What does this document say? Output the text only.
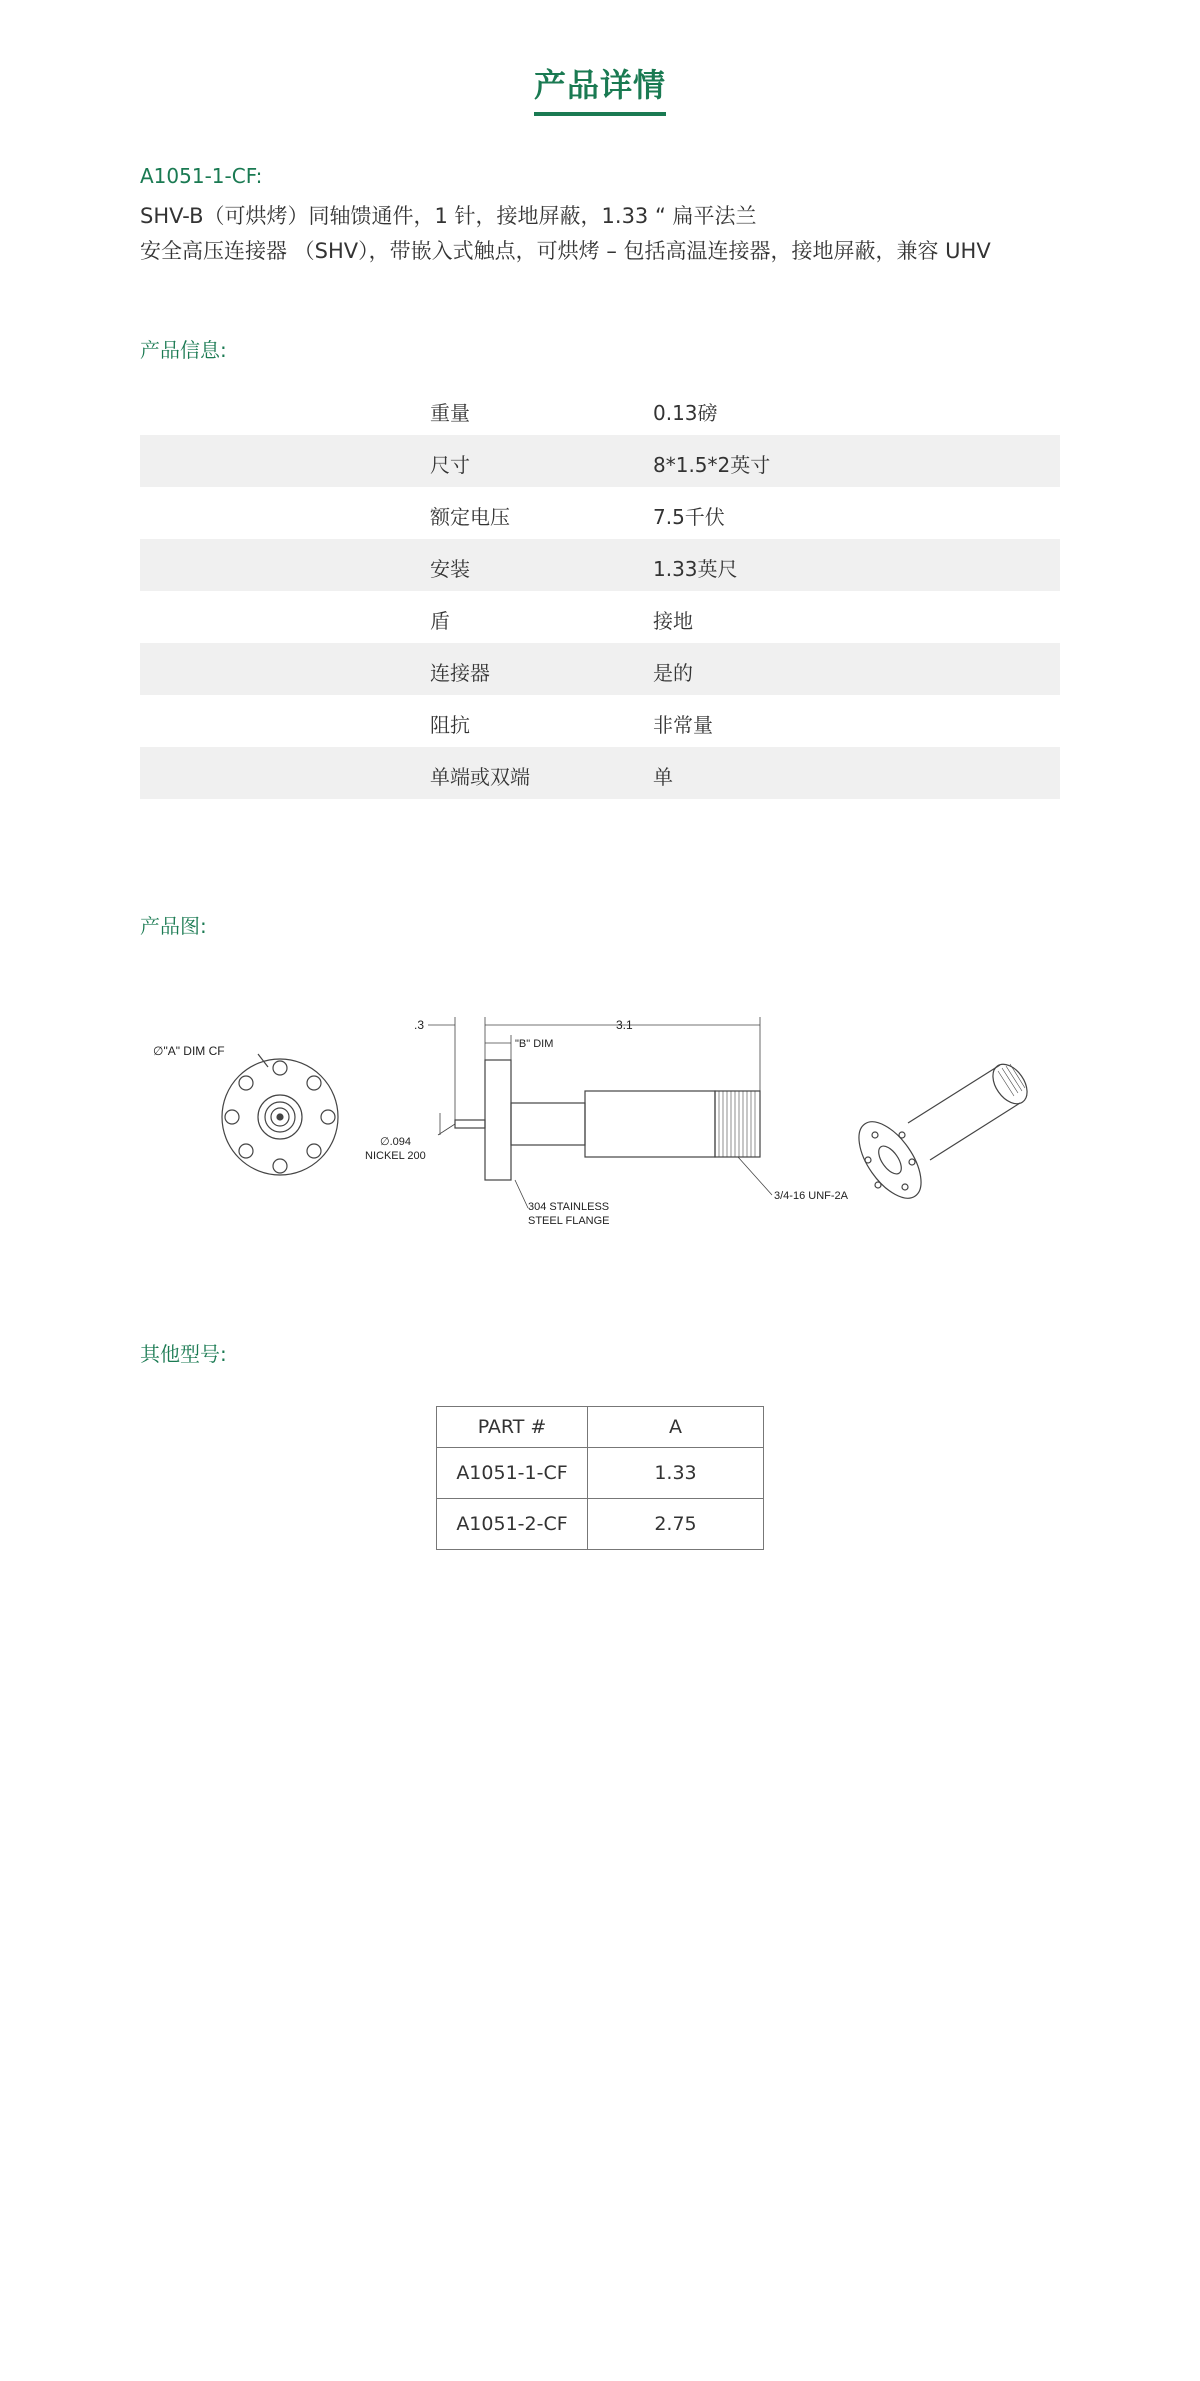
产品详情
A1051-1-CF:
SHV-B（可烘烤）同轴馈通件，1 针，接地屏蔽，1.33 “ 扁平法兰
安全高压连接器 （SHV），带嵌入式触点，可烘烤 – 包括高温连接器，接地屏蔽，兼容 UHV
产品信息:
重量	0.13磅
尺寸	8*1.5*2英寸
额定电压	7.5千伏
安装	1.33英尺
盾	接地
连接器	是的
阻抗	非常量
单端或双端	单
产品图:
∅"A" DIM CF
.3	3.1
"B" DIM
∅.094
NICKEL 200
304 STAINLESS
STEEL FLANGE
3/4-16 UNF-2A
其他型号:
PART #	A
A1051-1-CF	1.33
A1051-2-CF	2.75
